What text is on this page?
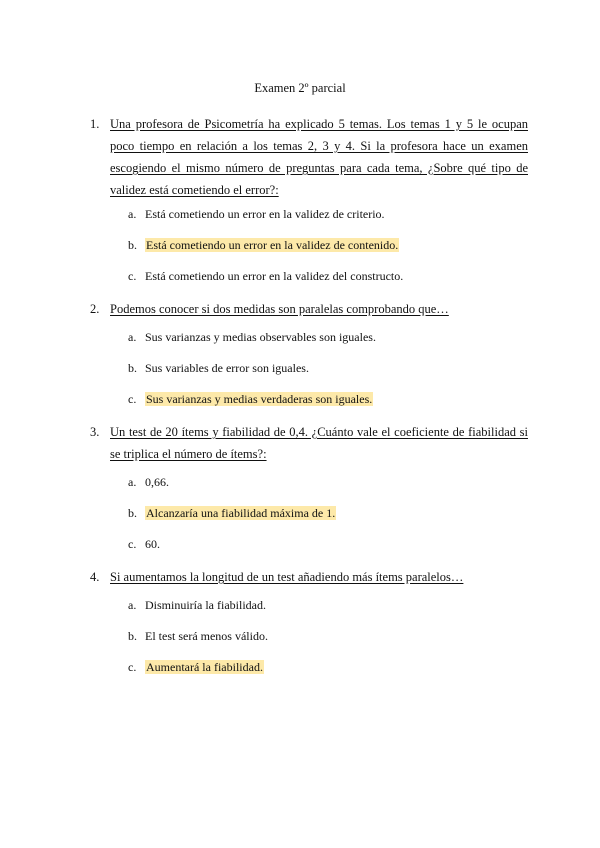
Examen 2º parcial
1. Una profesora de Psicometría ha explicado 5 temas. Los temas 1 y 5 le ocupan poco tiempo en relación a los temas 2, 3 y 4. Si la profesora hace un examen escogiendo el mismo número de preguntas para cada tema, ¿Sobre qué tipo de validez está cometiendo el error?:
a. Está cometiendo un error en la validez de criterio.
b. Está cometiendo un error en la validez de contenido.
c. Está cometiendo un error en la validez del constructo.
2. Podemos conocer si dos medidas son paralelas comprobando que…
a. Sus varianzas y medias observables son iguales.
b. Sus variables de error son iguales.
c. Sus varianzas y medias verdaderas son iguales.
3. Un test de 20 ítems y fiabilidad de 0,4. ¿Cuánto vale el coeficiente de fiabilidad si se triplica el número de ítems?:
a. 0,66.
b. Alcanzaría una fiabilidad máxima de 1.
c. 60.
4. Si aumentamos la longitud de un test añadiendo más ítems paralelos…
a. Disminuiría la fiabilidad.
b. El test será menos válido.
c. Aumentará la fiabilidad.
